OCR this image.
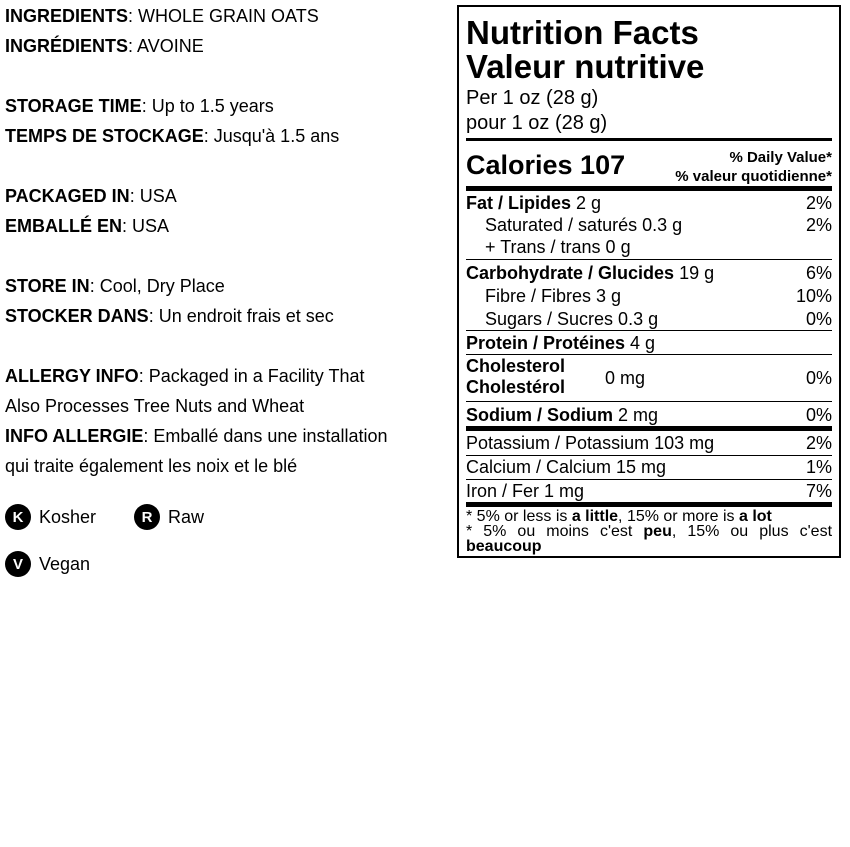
INGREDIENTS: WHOLE GRAIN OATS
INGRÉDIENTS: AVOINE
STORAGE TIME: Up to 1.5 years
TEMPS DE STOCKAGE: Jusqu'à 1.5 ans
PACKAGED IN: USA
EMBALLÉ EN: USA
STORE IN: Cool, Dry Place
STOCKER DANS: Un endroit frais et sec
ALLERGY INFO: Packaged in a Facility That
Also Processes Tree Nuts and Wheat
INFO ALLERGIE: Emballé dans une installation
qui traite également les noix et le blé
K Kosher	R Raw
V Vegan
Nutrition Facts
Valeur nutritive
Per 1 oz (28 g)
pour 1 oz (28 g)
Calories 107	% Daily Value*
% valeur quotidienne*
Fat / Lipides 2 g	2%
Saturated / saturés 0.3 g	2%
+ Trans / trans 0 g
Carbohydrate / Glucides 19 g	6%
Fibre / Fibres 3 g	10%
Sugars / Sucres 0.3 g	0%
Protein / Protéines 4 g
Cholesterol
Cholestérol 0 mg	0%
Sodium / Sodium 2 mg	0%
Potassium / Potassium 103 mg	2%
Calcium / Calcium 15 mg	1%
Iron / Fer 1 mg	7%
* 5% or less is a little, 15% or more is a lot
* 5% ou moins c'est peu, 15% ou plus c'est
beaucoup
